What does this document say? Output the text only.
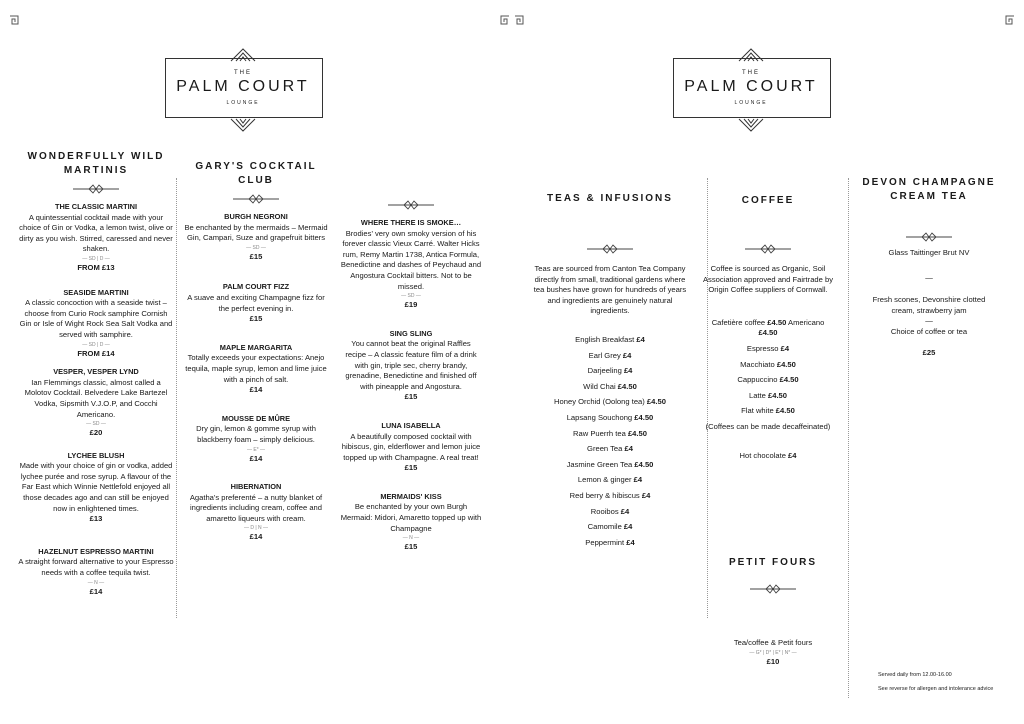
THE
PALM COURT
LOUNGE
THE
PALM COURT
LOUNGE
WONDERFULLY WILD MARTINIS
THE CLASSIC MARTINI
A quintessential cocktail made with your choice of Gin or Vodka, a lemon twist, olive or dirty as you wish. Stirred, caressed and never shaken.
— SD | D —
FROM £13
SEASIDE MARTINI
A classic concoction with a seaside twist – choose from Curio Rock samphire Cornish Gin or Isle of Wight Rock Sea Salt Vodka and served with samphire.
— SD | D —
FROM £14
VESPER, VESPER LYND
Ian Flemmings classic, almost called a Molotov Cocktail. Belvedere Lake Bartezel Vodka, Sipsmith V.J.O.P, and Cocchi Americano.
— SD —
£20
LYCHEE BLUSH
Made with your choice of gin or vodka, added lychee purée and rose syrup. A flavour of the Far East which Winnie Nettlefold enjoyed all those decades ago and can still be enjoyed now in enlightened times.
£13
HAZELNUT ESPRESSO MARTINI
A straight forward alternative to your Espresso needs with a coffee tequila twist.
— N —
£14
GARY'S COCKTAIL CLUB
BURGH NEGRONI
Be enchanted by the mermaids – Mermaid Gin, Campari, Suze and grapefruit bitters
— SD —
£15
PALM COURT FIZZ
A suave and exciting Champagne fizz for the perfect evening in.
£15
MAPLE MARGARITA
Totally exceeds your expectations: Anejo tequila, maple syrup, lemon and lime juice with a pinch of salt.
£14
MOUSSE DE MÛRE
Dry gin, lemon & gomme syrup with blackberry foam – simply delicious.
— E* —
£14
HIBERNATION
Agatha's preferenté – a nutty blanket of ingredients including cream, coffee and amaretto liqueurs with cream.
— D | N —
£14
WHERE THERE IS SMOKE…
Brodies' very own smoky version of his forever classic Vieux Carré. Walter Hicks rum, Remy Martin 1738, Antica Formula, Benedictine and dashes of Peychaud and Angostura Cocktail bitters. Not to be missed.
— SD —
£19
SING SLING
You cannot beat the original Raffles recipe – A classic feature film of a drink with gin, triple sec, cherry brandy, grenadine, Benedictine and finished off with pineapple and Angostura.
£15
LUNA ISABELLA
A beautifully composed cocktail with hibiscus, gin, elderflower and lemon juice topped up with Champagne. A real treat!
£15
MERMAIDS' KISS
Be enchanted by your own Burgh Mermaid: Midori, Amaretto topped up with Champagne
— N —
£15
TEAS & INFUSIONS
Teas are sourced from Canton Tea Company directly from small, traditional gardens where tea bushes have grown for hundreds of years and ingredients are genuinely natural ingredients.
English Breakfast £4
Earl Grey £4
Darjeeling £4
Wild Chai £4.50
Honey Orchid (Oolong tea) £4.50
Lapsang Souchong £4.50
Raw Puerrh tea £4.50
Green Tea £4
Jasmine Green Tea £4.50
Lemon & ginger £4
Red berry & hibiscus £4
Rooibos £4
Camomile £4
Peppermint £4
COFFEE
Coffee is sourced as Organic, Soil Association approved and Fairtrade by Origin Coffee suppliers of Cornwall.
Cafetière coffee £4.50 Americano
£4.50
Espresso £4
Macchiato £4.50
Cappuccino £4.50
Latte £4.50
Flat white £4.50
(Coffees can be made decaffeinated)
Hot chocolate £4
PETIT FOURS
Tea/coffee & Petit fours
— G* | D* | E* | N* —
£10
DEVON CHAMPAGNE CREAM TEA
Glass Taittinger Brut NV
—
Fresh scones, Devonshire clotted cream, strawberry jam
—
Choice of coffee or tea
£25
Served daily from 12.00-16.00
See reverse for allergen and intolerance advice
